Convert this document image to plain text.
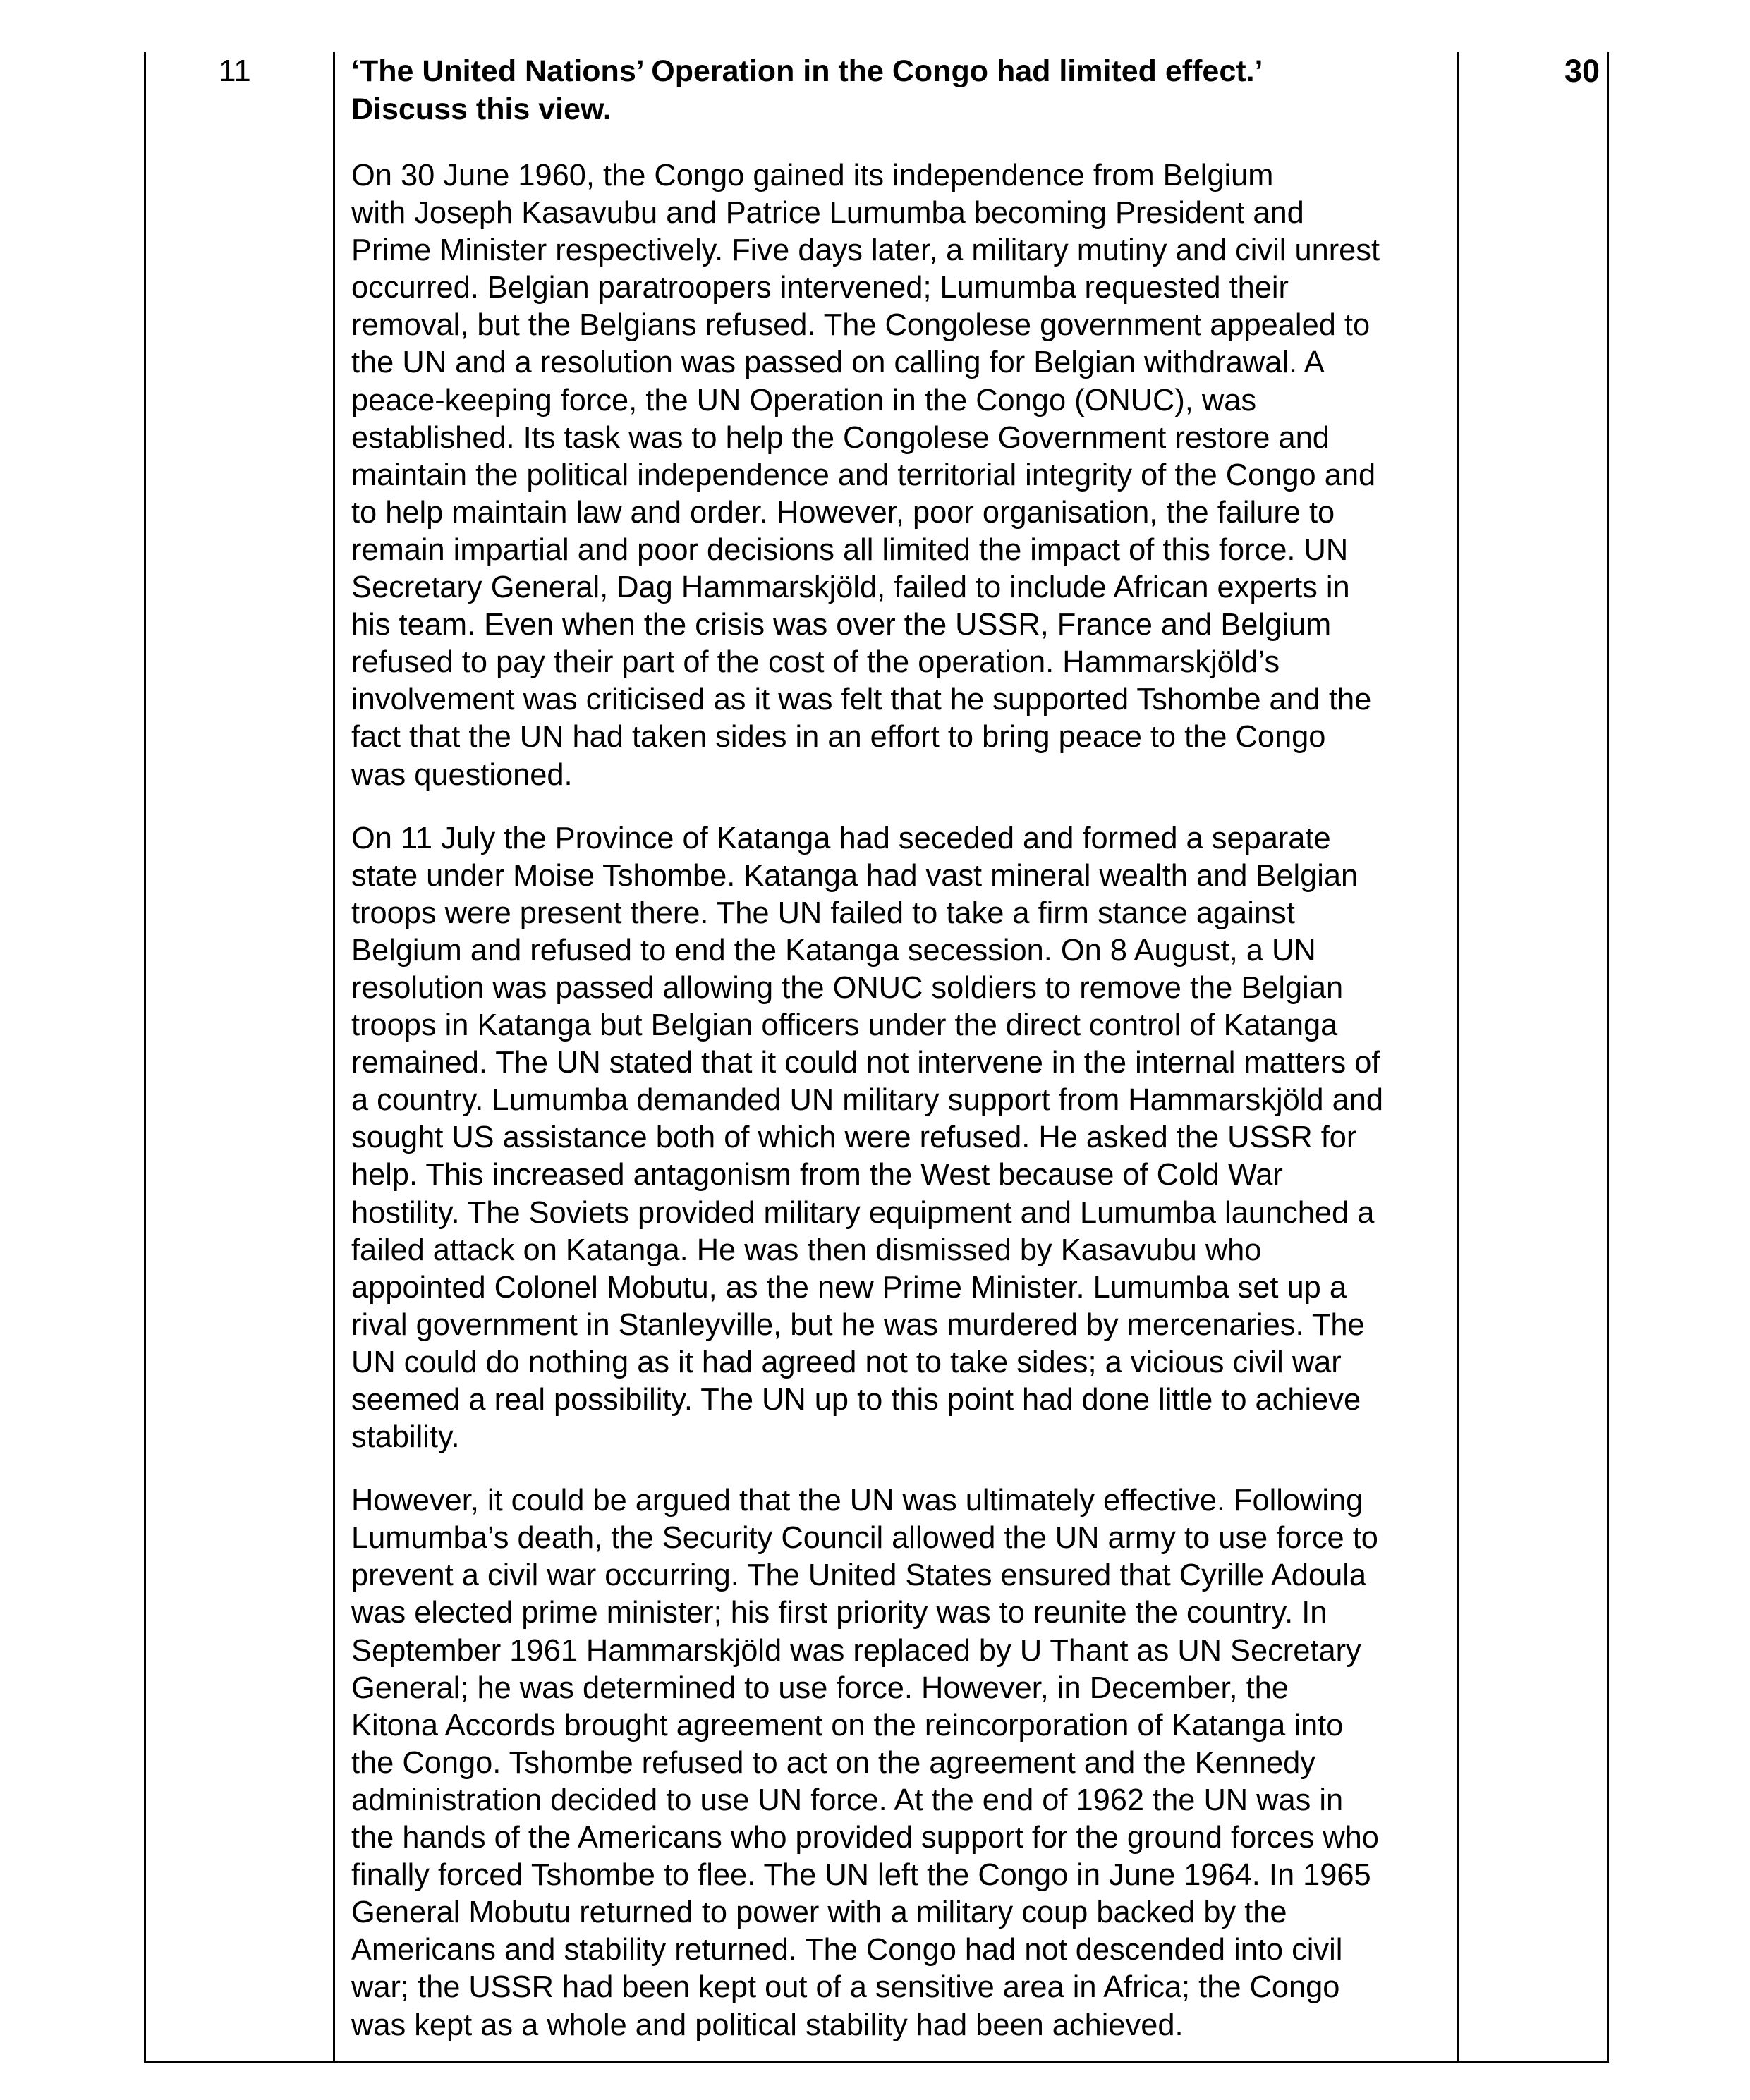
11	‘The United Nations’ Operation in the Congo had limited effect.’
Discuss this view.

On 30 June 1960, the Congo gained its independence from Belgium
with Joseph Kasavubu and Patrice Lumumba becoming President and
Prime Minister respectively. Five days later, a military mutiny and civil unrest
occurred. Belgian paratroopers intervened; Lumumba requested their
removal, but the Belgians refused. The Congolese government appealed to
the UN and a resolution was passed on calling for Belgian withdrawal. A
peace-keeping force, the UN Operation in the Congo (ONUC), was
established. Its task was to help the Congolese Government restore and
maintain the political independence and territorial integrity of the Congo and
to help maintain law and order. However, poor organisation, the failure to
remain impartial and poor decisions all limited the impact of this force. UN
Secretary General, Dag Hammarskjöld, failed to include African experts in
his team. Even when the crisis was over the USSR, France and Belgium
refused to pay their part of the cost of the operation. Hammarskjöld’s
involvement was criticised as it was felt that he supported Tshombe and the
fact that the UN had taken sides in an effort to bring peace to the Congo
was questioned.

On 11 July the Province of Katanga had seceded and formed a separate
state under Moise Tshombe. Katanga had vast mineral wealth and Belgian
troops were present there. The UN failed to take a firm stance against
Belgium and refused to end the Katanga secession. On 8 August, a UN
resolution was passed allowing the ONUC soldiers to remove the Belgian
troops in Katanga but Belgian officers under the direct control of Katanga
remained. The UN stated that it could not intervene in the internal matters of
a country. Lumumba demanded UN military support from Hammarskjöld and
sought US assistance both of which were refused. He asked the USSR for
help. This increased antagonism from the West because of Cold War
hostility. The Soviets provided military equipment and Lumumba launched a
failed attack on Katanga. He was then dismissed by Kasavubu who
appointed Colonel Mobutu, as the new Prime Minister. Lumumba set up a
rival government in Stanleyville, but he was murdered by mercenaries. The
UN could do nothing as it had agreed not to take sides; a vicious civil war
seemed a real possibility. The UN up to this point had done little to achieve
stability.

However, it could be argued that the UN was ultimately effective. Following
Lumumba’s death, the Security Council allowed the UN army to use force to
prevent a civil war occurring. The United States ensured that Cyrille Adoula
was elected prime minister; his first priority was to reunite the country. In
September 1961 Hammarskjöld was replaced by U Thant as UN Secretary
General; he was determined to use force. However, in December, the
Kitona Accords brought agreement on the reincorporation of Katanga into
the Congo. Tshombe refused to act on the agreement and the Kennedy
administration decided to use UN force. At the end of 1962 the UN was in
the hands of the Americans who provided support for the ground forces who
finally forced Tshombe to flee. The UN left the Congo in June 1964. In 1965
General Mobutu returned to power with a military coup backed by the
Americans and stability returned. The Congo had not descended into civil
war; the USSR had been kept out of a sensitive area in Africa; the Congo
was kept as a whole and political stability had been achieved.

30
